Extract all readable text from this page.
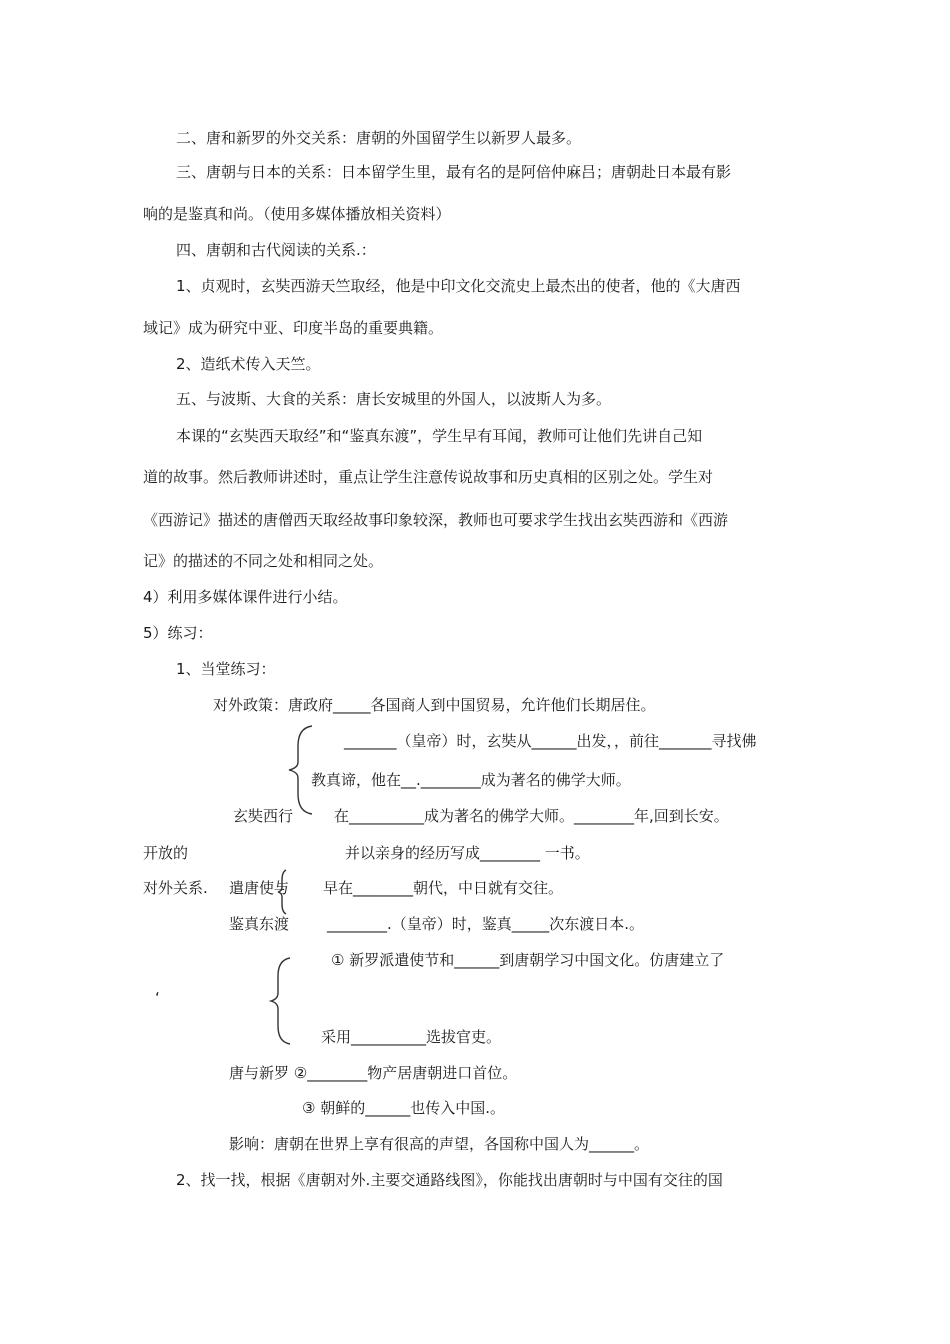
二、唐和新罗的外交关系：唐朝的外国留学生以新罗人最多。
三、唐朝与日本的关系：日本留学生里，最有名的是阿倍仲麻吕；唐朝赴日本最有影
响的是鉴真和尚。（使用多媒体播放相关资料）
四、唐朝和古代阅读的关系.：
1、贞观时，玄奘西游天竺取经，他是中印文化交流史上最杰出的使者，他的《大唐西
域记》成为研究中亚、印度半岛的重要典籍。
2、造纸术传入天竺。
五、与波斯、大食的关系：唐长安城里的外国人，以波斯人为多。
本课的“玄奘西天取经”和“鉴真东渡”，学生早有耳闻，教师可让他们先讲自己知
道的故事。然后教师讲述时，重点让学生注意传说故事和历史真相的区别之处。学生对
《西游记》描述的唐僧西天取经故事印象较深，教师也可要求学生找出玄奘西游和《西游
记》的描述的不同之处和相同之处。
4）利用多媒体课件进行小结。
5）练习：
1、当堂练习：
对外政策：唐政府_____各国商人到中国贸易，允许他们长期居住。
_______（皇帝）时，玄奘从______出发，，前往_______寻找佛
教真谛，他在__.________成为著名的佛学大师。
玄奘西行	在__________成为著名的佛学大师。________年,回到长安。
开放的	并以亲身的经历写成________ 一书。
对外关系. 遣唐使与 早在________朝代，中日就有交往。
鉴真东渡	________.（皇帝）时，鉴真_____次东渡日本.。
① 新罗派遣使节和______到唐朝学习中国文化。仿唐建立了
‘
采用__________选拔官吏。
唐与新罗 ②________物产居唐朝进口首位。
③ 朝鲜的______也传入中国.。
影响：唐朝在世界上享有很高的声望，各国称中国人为______。
2、找一找，根据《唐朝对外.主要交通路线图》，你能找出唐朝时与中国有交往的国
